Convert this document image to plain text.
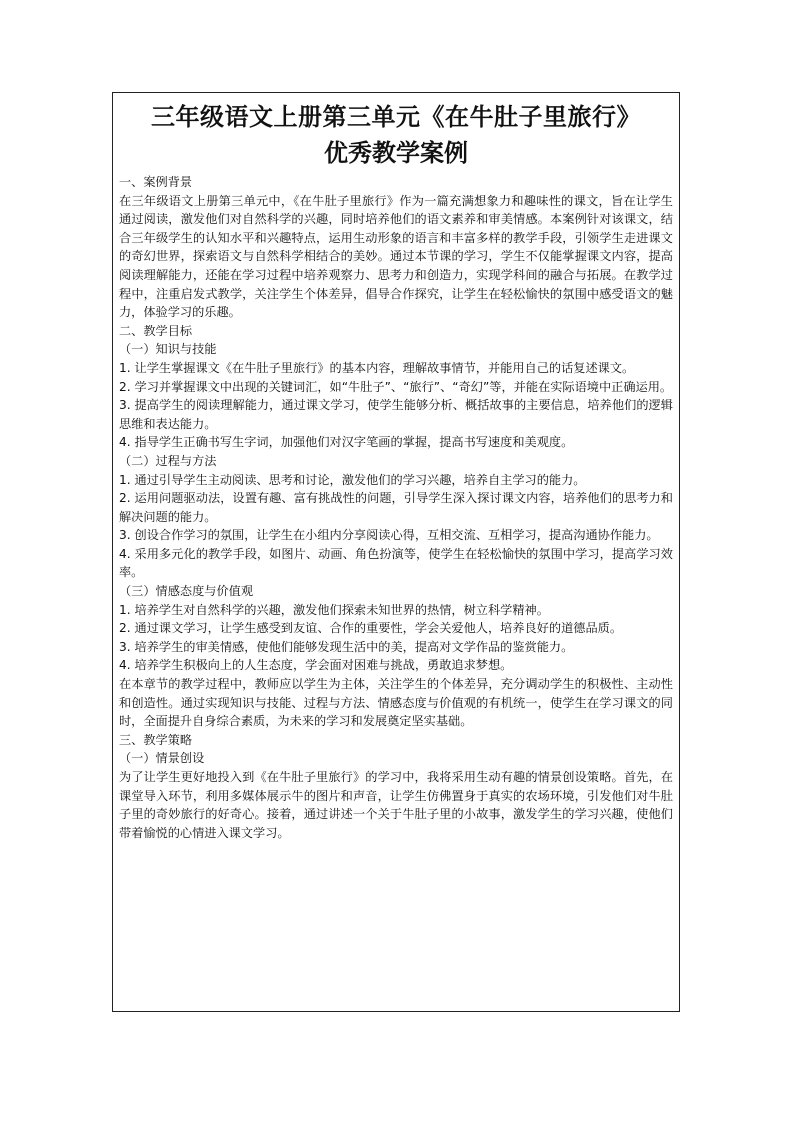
三年级语文上册第三单元《在牛肚子里旅行》

优秀教学案例

一、案例背景

在三年级语文上册第三单元中，《在牛肚子里旅行》作为一篇充满想象力和趣味性的课文，旨在让学生通过阅读，激发他们对自然科学的兴趣，同时培养他们的语文素养和审美情感。本案例针对该课文，结合三年级学生的认知水平和兴趣特点，运用生动形象的语言和丰富多样的教学手段，引领学生走进课文的奇幻世界，探索语文与自然科学相结合的美妙。通过本节课的学习，学生不仅能掌握课文内容，提高阅读理解能力，还能在学习过程中培养观察力、思考力和创造力，实现学科间的融合与拓展。在教学过程中，注重启发式教学，关注学生个体差异，倡导合作探究，让学生在轻松愉快的氛围中感受语文的魅力，体验学习的乐趣。

二、教学目标

（一）知识与技能

1. 让学生掌握课文《在牛肚子里旅行》的基本内容，理解故事情节，并能用自己的话复述课文。

2. 学习并掌握课文中出现的关键词汇，如“牛肚子”、“旅行”、“奇幻”等，并能在实际语境中正确运用。

3. 提高学生的阅读理解能力，通过课文学习，使学生能够分析、概括故事的主要信息，培养他们的逻辑思维和表达能力。

4. 指导学生正确书写生字词，加强他们对汉字笔画的掌握，提高书写速度和美观度。

（二）过程与方法

1. 通过引导学生主动阅读、思考和讨论，激发他们的学习兴趣，培养自主学习的能力。

2. 运用问题驱动法，设置有趣、富有挑战性的问题，引导学生深入探讨课文内容，培养他们的思考力和解决问题的能力。

3. 创设合作学习的氛围，让学生在小组内分享阅读心得，互相交流、互相学习，提高沟通协作能力。

4. 采用多元化的教学手段，如图片、动画、角色扮演等，使学生在轻松愉快的氛围中学习，提高学习效率。

（三）情感态度与价值观

1. 培养学生对自然科学的兴趣，激发他们探索未知世界的热情，树立科学精神。

2. 通过课文学习，让学生感受到友谊、合作的重要性，学会关爱他人，培养良好的道德品质。

3. 培养学生的审美情感，使他们能够发现生活中的美，提高对文学作品的鉴赏能力。

4. 培养学生积极向上的人生态度，学会面对困难与挑战，勇敢追求梦想。

在本章节的教学过程中，教师应以学生为主体，关注学生的个体差异，充分调动学生的积极性、主动性和创造性。通过实现知识与技能、过程与方法、情感态度与价值观的有机统一，使学生在学习课文的同时，全面提升自身综合素质，为未来的学习和发展奠定坚实基础。

三、教学策略

（一）情景创设

为了让学生更好地投入到《在牛肚子里旅行》的学习中，我将采用生动有趣的情景创设策略。首先，在课堂导入环节，利用多媒体展示牛的图片和声音，让学生仿佛置身于真实的农场环境，引发他们对牛肚子里的奇妙旅行的好奇心。接着，通过讲述一个关于牛肚子里的小故事，激发学生的学习兴趣，使他们带着愉悦的心情进入课文学习。
